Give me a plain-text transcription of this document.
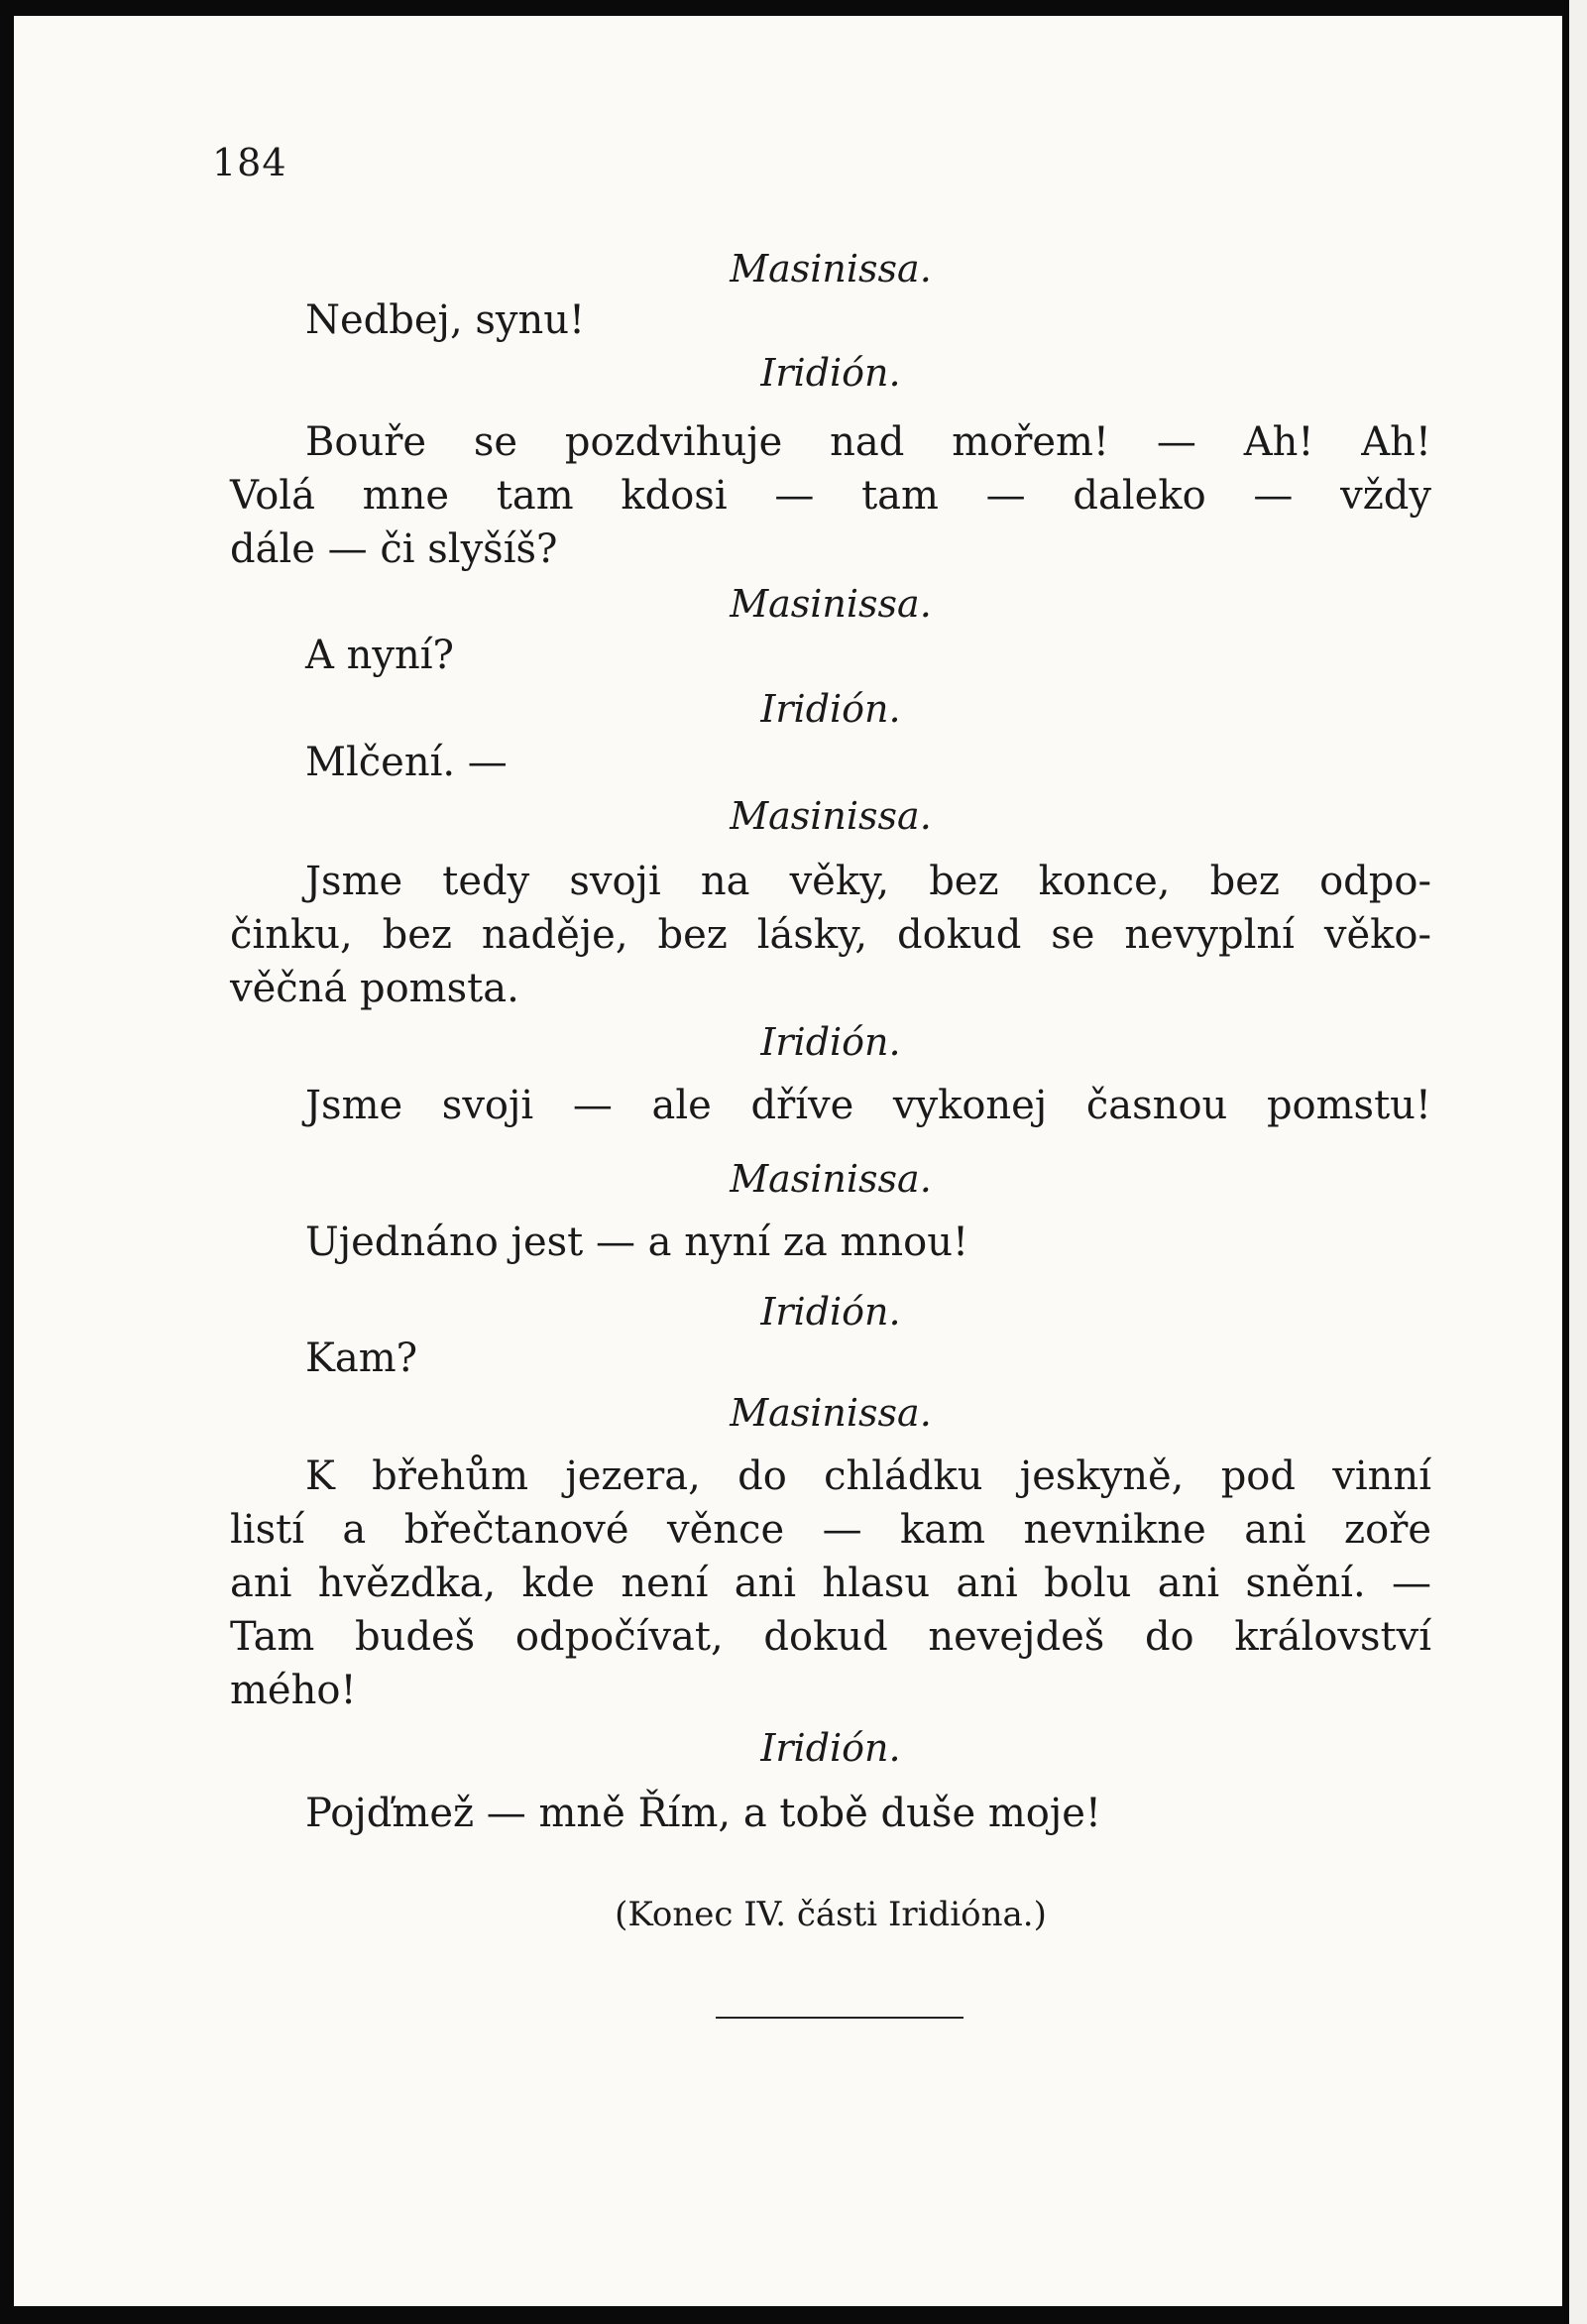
184
Masinissa.
Nedbej, synu!
Iridión.
Bouře se pozdvihuje nad mořem! — Ah! Ah!
Volá mne tam kdosi — tam — daleko — vždy
dále — či slyšíš?
Masinissa.
A nyní?
Iridión.
Mlčení. —
Masinissa.
Jsme tedy svoji na věky, bez konce, bez odpo-
činku, bez naděje, bez lásky, dokud se nevyplní věko-
věčná pomsta.
Iridión.
Jsme svoji — ale dříve vykonej časnou pomstu!
Masinissa.
Ujednáno jest — a nyní za mnou!
Iridión.
Kam?
Masinissa.
K břehům jezera, do chládku jeskyně, pod vinní
listí a břečtanové věnce — kam nevnikne ani zoře
ani hvězdka, kde není ani hlasu ani bolu ani snění. —
Tam budeš odpočívat, dokud nevejdeš do království
mého!
Iridión.
Pojďmež — mně Řím, a tobě duše moje!
(Konec IV. části Iridióna.)
